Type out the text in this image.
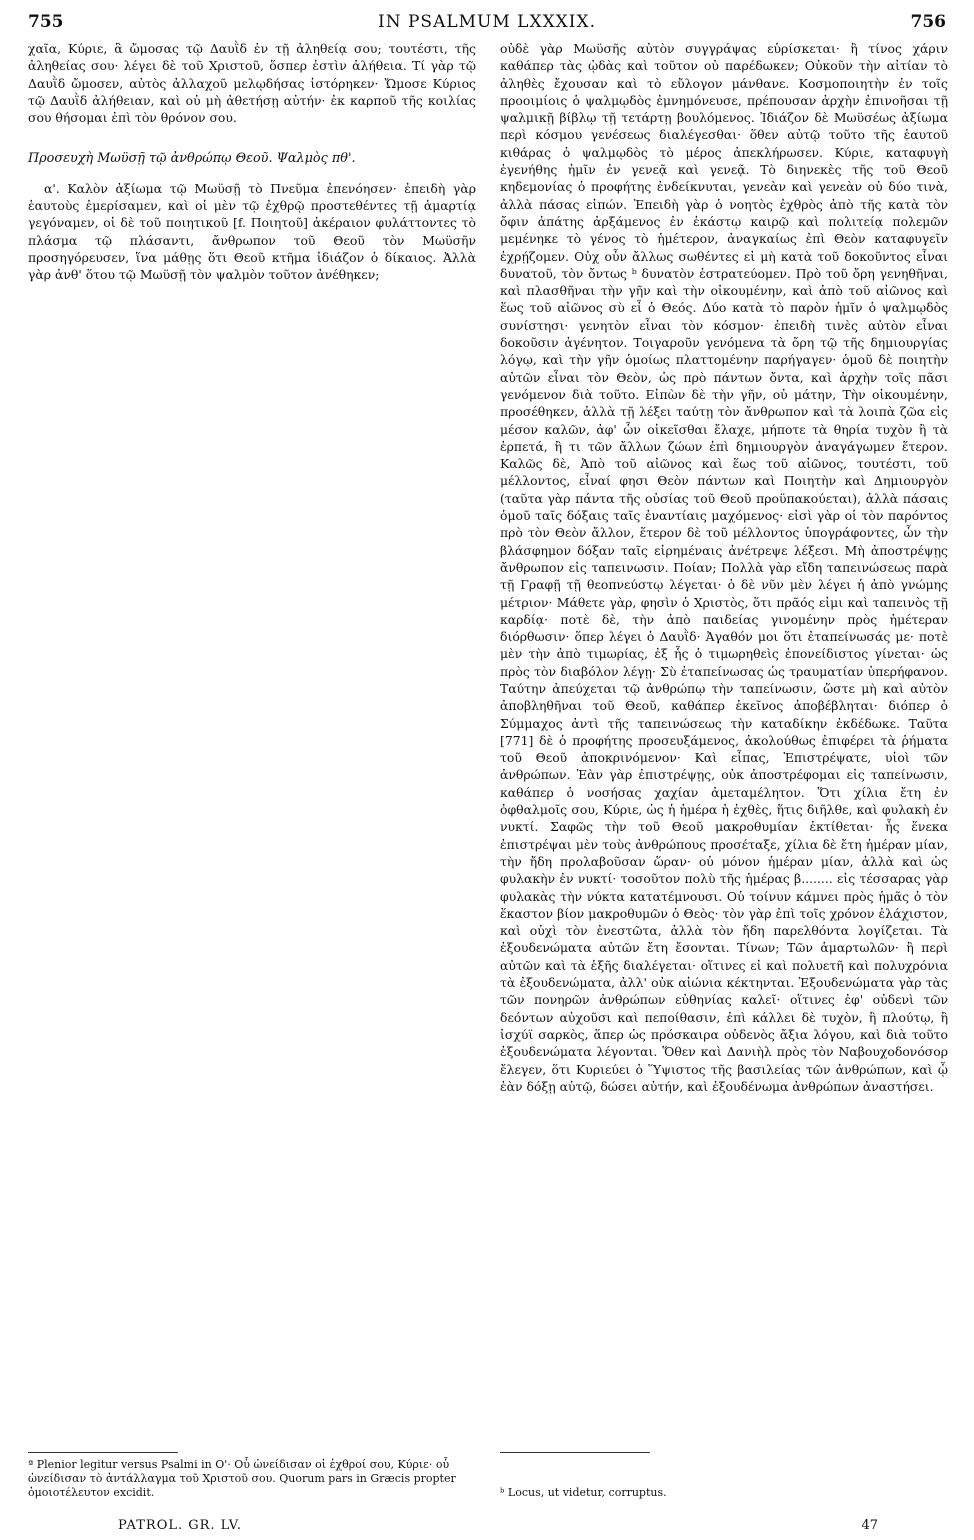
755	IN PSALMUM LXXXIX.	756

χαῖα, Κύριε, ἃ ὤμοσας τῷ Δαυῒδ ἐν τῇ ἀληθείᾳ σου; τουτέστι, τῆς ἀληθείας σου· λέγει δὲ τοῦ Χριστοῦ, ὅσπερ ἐστὶν ἀλήθεια. Τί γὰρ τῷ Δαυῒδ ὤμοσεν, αὐτὸς ἀλλαχοῦ μελῳδήσας ἱστόρηκεν· Ὤμοσε Κύριος τῷ Δαυῒδ ἀλήθειαν, καὶ οὐ μὴ ἀθετήσῃ αὐτήν· ἐκ καρποῦ τῆς κοιλίας σου θήσομαι ἐπὶ τὸν θρόνον σου.

Προσευχὴ Μωϋσῇ τῷ ἀνθρώπῳ Θεοῦ. Ψαλμὸς πθ'.

α'. Καλὸν ἀξίωμα τῷ Μωϋσῇ τὸ Πνεῦμα ἐπενόησεν· ἐπειδὴ γὰρ ἑαυτοὺς ἐμερίσαμεν, καὶ οἱ μὲν τῷ ἐχθρῷ προστεθέντες τῇ ἁμαρτίᾳ γεγόναμεν, οἱ δὲ τοῦ ποιητικοῦ [f. Ποιητοῦ] ἀκέραιον φυλάττοντες τὸ πλάσμα τῷ πλάσαντι, ἄνθρωπον τοῦ Θεοῦ τὸν Μωϋσῆν προσηγόρευσεν, ἵνα μάθῃς ὅτι Θεοῦ κτῆμα ἰδιάζον ὁ δίκαιος. Ἀλλὰ γὰρ ἀνθ' ὅτου τῷ Μωϋσῇ τὸν ψαλμὸν τοῦτον ἀνέθηκεν;

οὐδὲ γὰρ Μωϋσῆς αὐτὸν συγγράψας εὑρίσκεται· ἢ τίνος χάριν καθάπερ τὰς ᾠδὰς καὶ τοῦτον οὐ παρέδωκεν; Οὐκοῦν τὴν αἰτίαν τὸ ἀληθὲς ἔχουσαν καὶ τὸ εὔλογον μάνθανε. Κοσμοποιητὴν ἐν τοῖς προοιμίοις ὁ ψαλμῳδὸς ἐμνημόνευσε, πρέπουσαν ἀρχὴν ἐπινοῆσαι τῇ ψαλμικῇ βίβλῳ τῇ τετάρτῃ βουλόμενος. Ἰδιάζον δὲ Μωϋσέως ἀξίωμα περὶ κόσμου γενέσεως διαλέγεσθαι· ὅθεν αὐτῷ τοῦτο τῆς ἑαυτοῦ κιθάρας ὁ ψαλμῳδὸς τὸ μέρος ἀπεκλήρωσεν. Κύριε, καταφυγὴ ἐγενήθης ἡμῖν ἐν γενεᾷ καὶ γενεᾷ. Τὸ διηνεκὲς τῆς τοῦ Θεοῦ κηδεμονίας ὁ προφήτης ἐνδείκνυται, γενεὰν καὶ γενεὰν οὐ δύο τινὰ, ἀλλὰ πάσας εἰπών. Ἐπειδὴ γὰρ ὁ νοητὸς ἐχθρὸς ἀπὸ τῆς κατὰ τὸν ὄφιν ἀπάτης ἀρξάμενος ἐν ἑκάστῳ καιρῷ καὶ πολιτείᾳ πολεμῶν μεμένηκε τὸ γένος τὸ ἡμέτερον, ἀναγκαίως ἐπὶ Θεὸν καταφυγεῖν ἐχρῄζομεν. Οὐχ οὖν ἄλλως σωθέντες εἰ μὴ κατὰ τοῦ δοκοῦντος εἶναι δυνατοῦ, τὸν ὄντως ᵇ δυνατὸν ἐστρατεύομεν. Πρὸ τοῦ ὄρη γενηθῆναι, καὶ πλασθῆναι τὴν γῆν καὶ τὴν οἰκουμένην, καὶ ἀπὸ τοῦ αἰῶνος καὶ ἕως τοῦ αἰῶνος σὺ εἶ ὁ Θεός. Δύο κατὰ τὸ παρὸν ἡμῖν ὁ ψαλμῳδὸς συνίστησι· γενητὸν εἶναι τὸν κόσμον· ἐπειδὴ τινὲς αὐτὸν εἶναι δοκοῦσιν ἀγένητον. Τοιγαροῦν γενόμενα τὰ ὄρη τῷ τῆς δημιουργίας λόγῳ, καὶ τὴν γῆν ὁμοίως πλαττομένην παρήγαγεν· ὁμοῦ δὲ ποιητὴν αὐτῶν εἶναι τὸν Θεὸν, ὡς πρὸ πάντων ὄντα, καὶ ἀρχὴν τοῖς πᾶσι γενόμενον διὰ τοῦτο. Εἰπὼν δὲ τὴν γῆν, οὐ μάτην, Τὴν οἰκουμένην, προσέθηκεν, ἀλλὰ τῇ λέξει ταύτῃ τὸν ἄνθρωπον καὶ τὰ λοιπὰ ζῶα εἰς μέσον καλῶν, ἀφ' ὧν οἰκεῖσθαι ἔλαχε, μήποτε τὰ θηρία τυχὸν ἢ τὰ ἑρπετά, ἢ τι τῶν ἄλλων ζώων ἐπὶ δημιουργὸν ἀναγάγωμεν ἕτερον. Καλῶς δὲ, Ἀπὸ τοῦ αἰῶνος καὶ ἕως τοῦ αἰῶνος, τουτέστι, τοῦ μέλλοντος, εἶναί φησι Θεὸν πάντων καὶ Ποιητὴν καὶ Δημιουργὸν (ταῦτα γὰρ πάντα τῆς οὐσίας τοῦ Θεοῦ προϋπακούεται), ἀλλὰ πάσαις ὁμοῦ ταῖς δόξαις ταῖς ἐναντίαις μαχόμενος· εἰσὶ γὰρ οἱ τὸν παρόντος πρὸ τὸν Θεὸν ἄλλον, ἕτερον δὲ τοῦ μέλλοντος ὑπογράφοντες, ὧν τὴν βλάσφημον δόξαν ταῖς εἰρημέναις ἀνέτρεψε λέξεσι. Μὴ ἀποστρέψῃς ἄνθρωπον εἰς ταπεινωσιν. Ποίαν; Πολλὰ γὰρ εἴδη ταπεινώσεως παρὰ τῇ Γραφῇ τῇ θεοπνεύστῳ λέγεται· ὁ δὲ νῦν μὲν λέγει ἡ ἀπὸ γνώμης μέτριον· Μάθετε γὰρ, φησὶν ὁ Χριστὸς, ὅτι πρᾶός εἰμι καὶ ταπεινὸς τῇ καρδίᾳ· ποτὲ δὲ, τὴν ἀπὸ παιδείας γινομένην πρὸς ἡμέτεραν διόρθωσιν· ὅπερ λέγει ὁ Δαυῒδ· Ἀγαθόν μοι ὅτι ἐταπείνωσάς με· ποτὲ μὲν τὴν ἀπὸ τιμωρίας, ἐξ ἧς ὁ τιμωρηθεὶς ἐπονείδιστος γίνεται· ὡς πρὸς τὸν διαβόλον λέγῃ· Σὺ ἐταπείνωσας ὡς τραυματίαν ὑπερήφανον. Ταύτην ἀπεύχεται τῷ ἀνθρώπῳ τὴν ταπείνωσιν, ὥστε μὴ καὶ αὐτὸν ἀποβληθῆναι τοῦ Θεοῦ, καθάπερ ἐκεῖνος ἀποβέβληται· διόπερ ὁ Σύμμαχος ἀντὶ τῆς ταπεινώσεως τὴν καταδίκην ἐκδέδωκε. Ταῦτα [771] δὲ ὁ προφήτης προσευξάμενος, ἀκολούθως ἐπιφέρει τὰ ῥήματα τοῦ Θεοῦ ἀποκρινόμενον· Καὶ εἶπας, Ἐπιστρέψατε, υἱοὶ τῶν ἀνθρώπων. Ἐὰν γὰρ ἐπιστρέψῃς, οὐκ ἀποστρέφομαι εἰς ταπείνωσιν, καθάπερ ὁ νοσήσας χαχίαν ἀμεταμέλητον. Ὅτι χίλια ἔτη ἐν ὀφθαλμοῖς σου, Κύριε, ὡς ἡ ἡμέρα ἡ ἐχθὲς, ἥτις διῆλθε, καὶ φυλακὴ ἐν νυκτί. Σαφῶς τὴν τοῦ Θεοῦ μακροθυμίαν ἐκτίθεται· ἧς ἕνεκα ἐπιστρέψαι μὲν τοὺς ἀνθρώπους προσέταξε, χίλια δὲ ἔτη ἡμέραν μίαν, τὴν ἤδη προλαβοῦσαν ὥραν· οὐ μόνον ἡμέραν μίαν, ἀλλὰ καὶ ὡς φυλακὴν ἐν νυκτί· τοσοῦτον πολὺ τῆς ἡμέρας β........ εἰς τέσσαρας γὰρ φυλακὰς τὴν νύκτα κατατέμνουσι. Οὐ τοίνυν κάμνει πρὸς ἡμᾶς ὁ τὸν ἕκαστον βίον μακροθυμῶν ὁ Θεὸς· τὸν γὰρ ἐπὶ τοῖς χρόνον ἐλάχιστον, καὶ οὐχὶ τὸν ἐνεστῶτα, ἀλλὰ τὸν ἤδη παρελθόντα λογίζεται. Τὰ ἐξουδενώματα αὐτῶν ἔτη ἔσονται. Τίνων; Τῶν ἁμαρτωλῶν· ἢ περὶ αὐτῶν καὶ τὰ ἑξῆς διαλέγεται· οἵτινες εἰ καὶ πολυετῆ καὶ πολυχρόνια τὰ ἐξουδενώματα, ἀλλ' οὐκ αἰώνια κέκτηνται. Ἐξουδενώματα γὰρ τὰς τῶν πονηρῶν ἀνθρώπων εὐθηνίας καλεῖ· οἵτινες ἐφ' οὐδενὶ τῶν δεόντων αὐχοῦσι καὶ πεποίθασιν, ἐπὶ κάλλει δὲ τυχὸν, ἢ πλούτῳ, ἢ ἰσχύϊ σαρκὸς, ἅπερ ὡς πρόσκαιρα οὐδενὸς ἄξια λόγου, καὶ διὰ τοῦτο ἐξουδενώματα λέγονται. Ὅθεν καὶ Δανιὴλ πρὸς τὸν Ναβουχοδονόσορ ἔλεγεν, ὅτι Κυριεύει ὁ Ὕψιστος τῆς βασιλείας τῶν ἀνθρώπων, καὶ ᾧ ἐὰν δόξῃ αὐτῷ, δώσει αὐτήν, καὶ ἐξουδένωμα ἀνθρώπων ἀναστήσει.

ª Plenior legitur versus Psalmi in O'· Οὗ ὠνείδισαν οἱ ἐχθροί σου, Κύριε· οὗ ὠνείδισαν τὸ ἀντάλλαγμα τοῦ Χριστοῦ σου. Quorum pars in Græcis propter ὁμοιοτέλευτον excidit.	ᵇ Locus, ut videtur, corruptus.
PATROL. GR. LV.	47
